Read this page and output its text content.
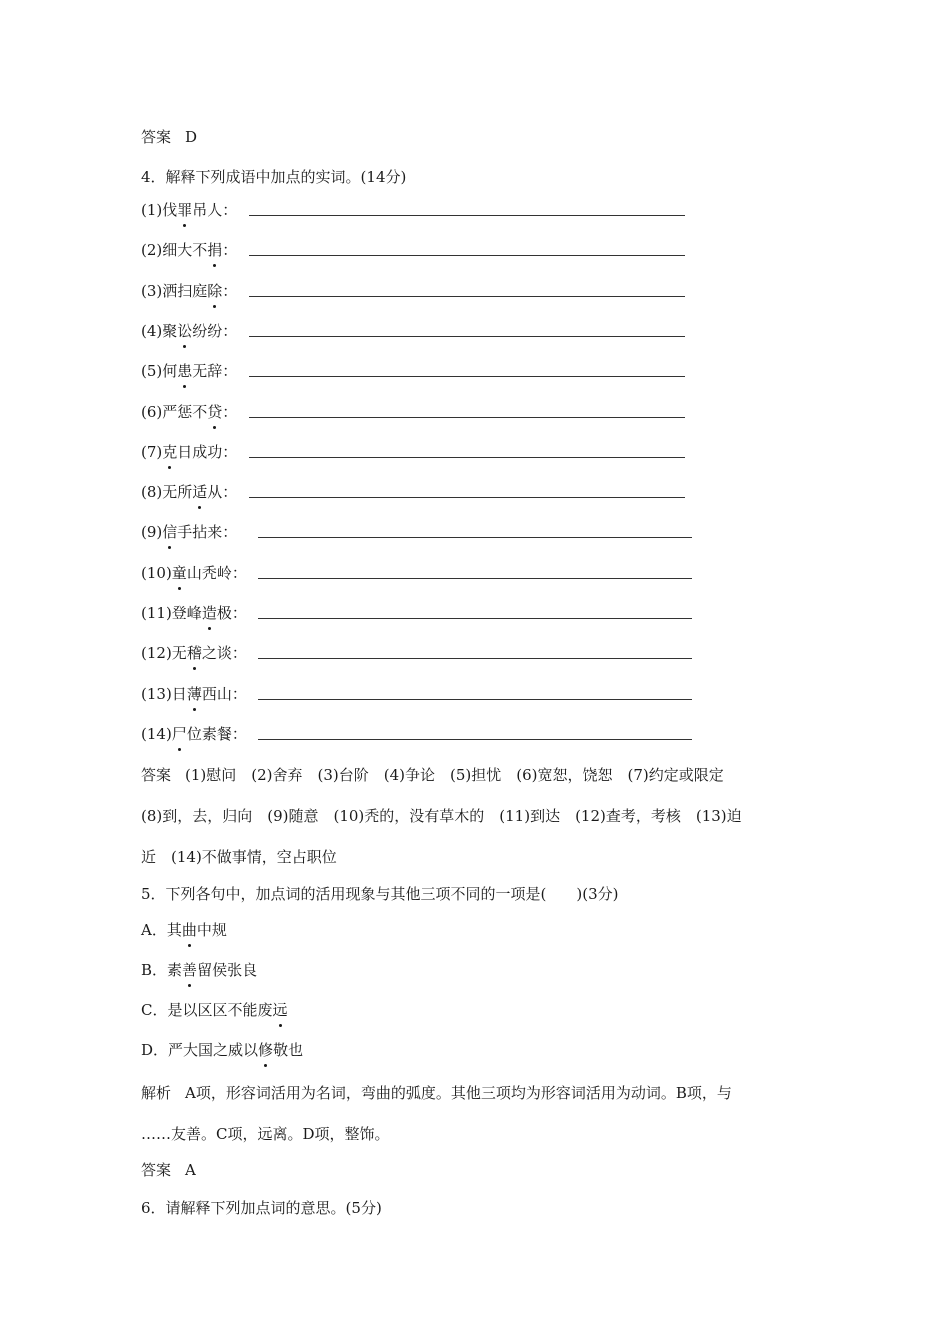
答案 D
4．解释下列成语中加点的实词。(14分)
(1)伐罪吊人：
(2)细大不捐：
(3)洒扫庭除：
(4)聚讼纷纷：
(5)何患无辞：
(6)严惩不贷：
(7)克日成功：
(8)无所适从：
(9)信手拈来：
(10)童山秃岭：
(11)登峰造极：
(12)无稽之谈：
(13)日薄西山：
(14)尸位素餐：
答案 (1)慰问　(2)舍弃　(3)台阶　(4)争论　(5)担忧　(6)宽恕，饶恕　(7)约定或限定
(8)到，去，归向　(9)随意　(10)秃的，没有草木的　(11)到达　(12)查考，考核　(13)迫
近　(14)不做事情，空占职位
5．下列各句中，加点词的活用现象与其他三项不同的一项是(　　)(3分)
A．其曲中规
B．素善留侯张良
C．是以区区不能废远
D．严大国之威以修敬也
解析 A项，形容词活用为名词，弯曲的弧度。其他三项均为形容词活用为动词。B项，与
……友善。C项，远离。D项，整饰。
答案 A
6．请解释下列加点词的意思。(5分)
